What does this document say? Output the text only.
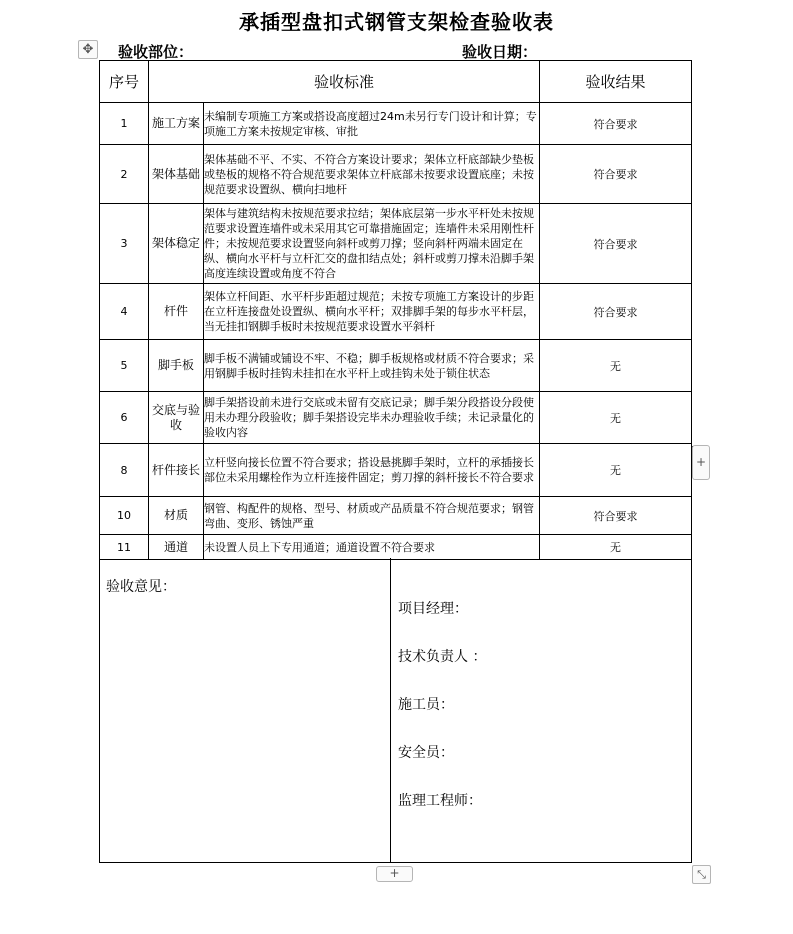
承插型盘扣式钢管支架检查验收表
✥	验收部位：	验收日期：
序号	验收标准		验收结果
1	施工方案	未编制专项施工方案或搭设高度超过24m未另行专门设计和计算；专项施工方案未按规定审核、审批	符合要求
2	架体基础	架体基础不平、不实、不符合方案设计要求；架体立杆底部缺少垫板或垫板的规格不符合规范要求架体立杆底部未按要求设置底座；未按规范要求设置纵、横向扫地杆	符合要求
3	架体稳定	架体与建筑结构未按规范要求拉结；架体底层第一步水平杆处未按规范要求设置连墙件或未采用其它可靠措施固定；连墙件未采用刚性杆件；未按规范要求设置竖向斜杆或剪刀撑；竖向斜杆两端未固定在纵、横向水平杆与立杆汇交的盘扣结点处；斜杆或剪刀撑未沿脚手架高度连续设置或角度不符合	符合要求
4	杆件	架体立杆间距、水平杆步距超过规范；未按专项施工方案设计的步距在立杆连接盘处设置纵、横向水平杆；双排脚手架的每步水平杆层，当无挂扣钢脚手板时未按规范要求设置水平斜杆	符合要求
5	脚手板	脚手板不满铺或铺设不牢、不稳；脚手板规格或材质不符合要求；采用钢脚手板时挂钩未挂扣在水平杆上或挂钩未处于锁住状态	无
6	交底与验收	脚手架搭设前未进行交底或未留有交底记录；脚手架分段搭设分段使用未办理分段验收；脚手架搭设完毕未办理验收手续；未记录量化的验收内容	无
8	杆件接长	立杆竖向接长位置不符合要求；搭设悬挑脚手架时，立杆的承插接长部位未采用螺栓作为立杆连接件固定；剪刀撑的斜杆接长不符合要求	无
10	材质	钢管、构配件的规格、型号、材质或产品质量不符合规范要求；钢管弯曲、变形、锈蚀严重	符合要求
11	通道	未设置人员上下专用通道；通道设置不符合要求	无
验收意见：
项目经理：
技术负责人 ：
施工员：
安全员：
监理工程师：
+
+	⤡
